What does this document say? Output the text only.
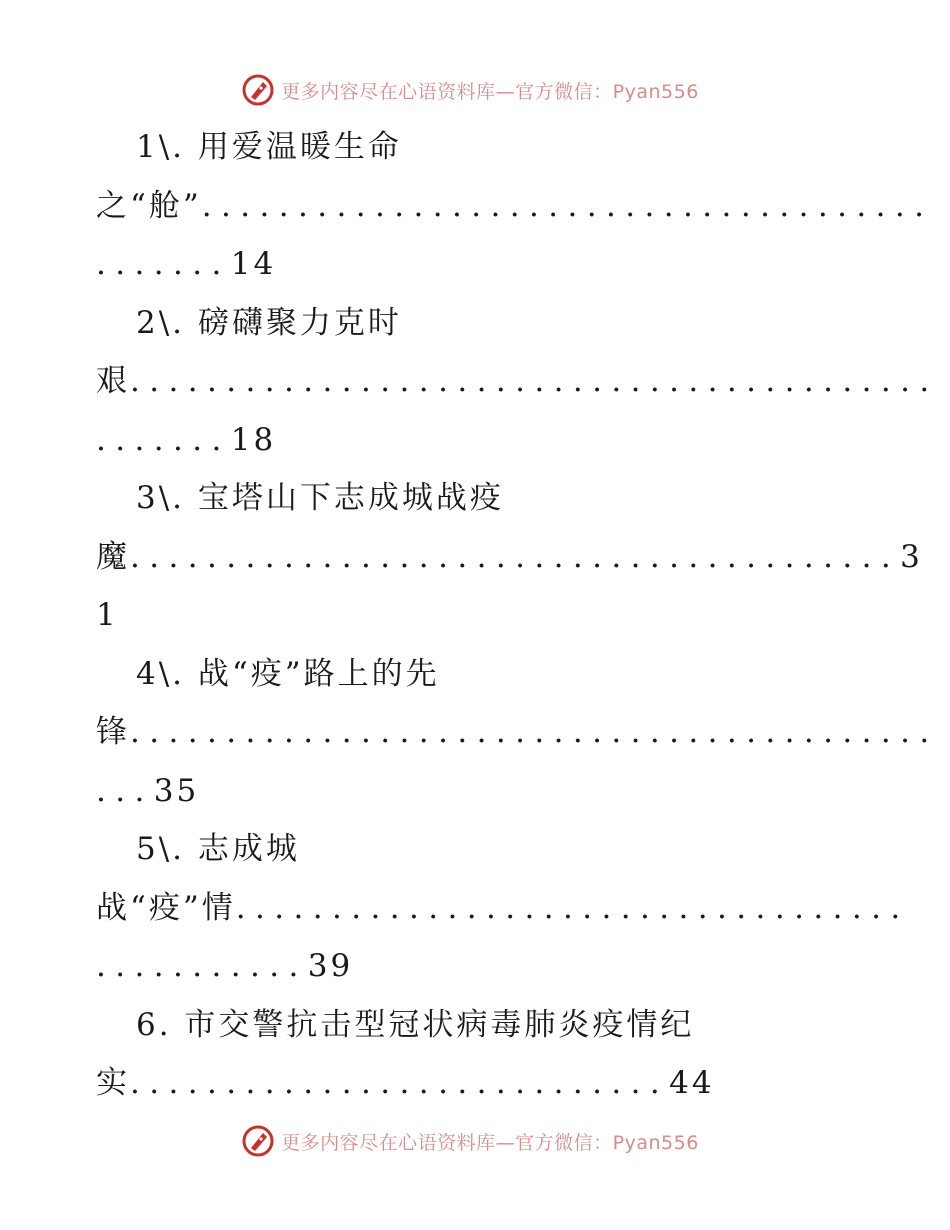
更多内容尽在心语资料库—官方微信：Pyan556
1\. 用爱温暖生命
之“舱”......................................
.......14
2\. 磅礴聚力克时
艰..........................................
.......18
3\. 宝塔山下志成城战疫
魔........................................3
1
4\. 战“疫”路上的先
锋..........................................
...35
5\. 志成城
战“疫”情...................................
...........39
6. 市交警抗击型冠状病毒肺炎疫情纪
实............................44
更多内容尽在心语资料库—官方微信：Pyan556
